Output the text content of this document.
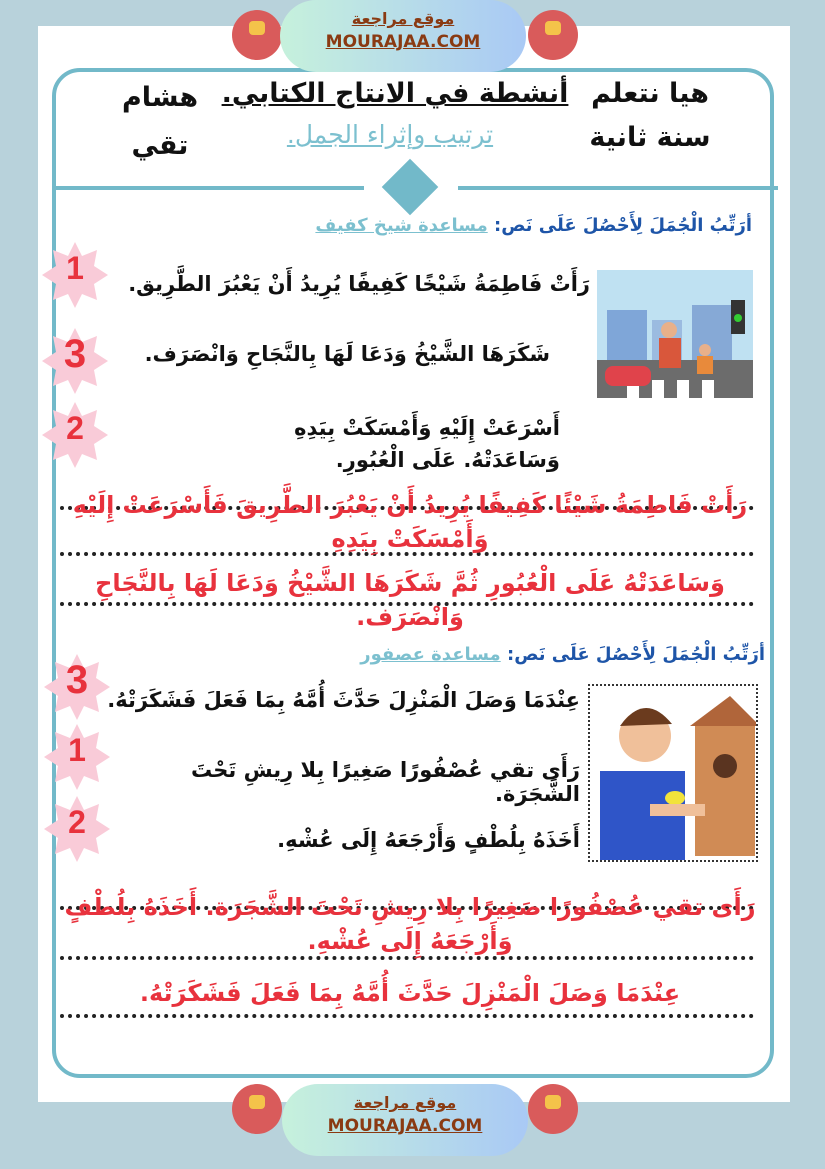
موقع مراجعة
MOURAJAA.COM
هشام
تقي
أنشطة في الانتاج الكتابي.
ترتيب وإثراء الجمل.
هيا نتعلم
سنة ثانية
أرَتِّبُ الْجُمَلَ لِأَحْصُلَ عَلَى نَص: مساعدة شيخ كفيف
1	رَأَتْ فَاطِمَةُ شَيْخًا كَفِيفًا يُرِيدُ أَنْ يَعْبُرَ الطَّرِيق.
3	شَكَرَهَا الشَّيْخُ وَدَعَا لَهَا بِالنَّجَاحِ وَانْصَرَف.
2	أَسْرَعَتْ إِلَيْهِ وَأَمْسَكَتْ بِيَدِهِ وَسَاعَدَتْهُ. عَلَى الْعُبُورِ.
رَأَتْ فَاطِمَةُ شَيْئًا كَفِيفًا يُرِيدُ أَنْ يَعْبُرَ الطَّرِيقَ فَأَسْرَعَتْ إِلَيْهِ وَأَمْسَكَتْ بِيَدِهِ
وَسَاعَدَتْهُ عَلَى الْعُبُورِ ثُمَّ شَكَرَهَا الشَّيْخُ وَدَعَا لَهَا بِالنَّجَاحِ وَانْصَرَف.
أرَتِّبُ الْجُمَلَ لِأَحْصُلَ عَلَى نَص: مساعدة عصفور
3 عِنْدَمَا وَصَلَ الْمَنْزِلَ حَدَّثَ أُمَّهُ بِمَا فَعَلَ فَشَكَرَتْهُ.
1
رَأَى تقي عُصْفُورًا صَغِيرًا بِلا رِيشِ تَحْتَ الشَّجَرَة.
2	أَخَذَهُ بِلُطْفٍ وَأَرْجَعَهُ إِلَى عُشْهِ.
رَأَى تقي عُصْفُورًا صَغِيرًا بِلا رِيشِ تَحْتَ الشَّجَرَة. أَخَذَهُ بِلُطْفٍ وَأَرْجَعَهُ إِلَى عُشْهِ.
عِنْدَمَا وَصَلَ الْمَنْزِلَ حَدَّثَ أُمَّهُ بِمَا فَعَلَ فَشَكَرَتْهُ.
موقع مراجعة
MOURAJAA.COM
